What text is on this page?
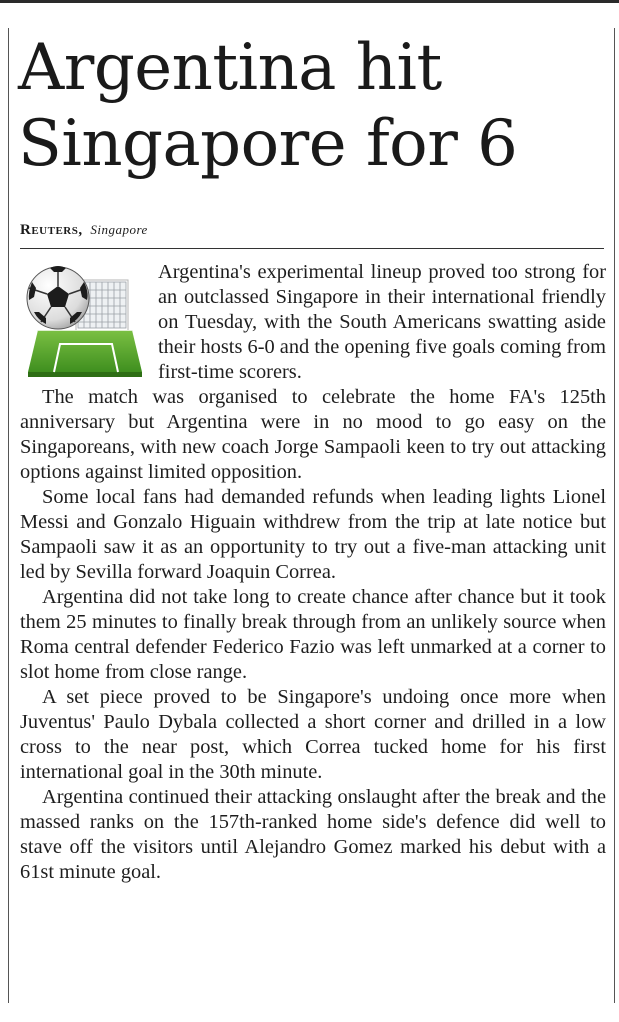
Argentina hit Singapore for 6
Reuters, Singapore

Argentina's experimental lineup proved too strong for an outclassed Singapore in their international friendly on Tuesday, with the South Americans swatting aside their hosts 6-0 and the opening five goals coming from first-time scorers.

The match was organised to celebrate the home FA's 125th anniversary but Argentina were in no mood to go easy on the Singaporeans, with new coach Jorge Sampaoli keen to try out attacking options against limited opposition.

Some local fans had demanded refunds when leading lights Lionel Messi and Gonzalo Higuain withdrew from the trip at late notice but Sampaoli saw it as an opportunity to try out a five-man attacking unit led by Sevilla forward Joaquin Correa.

Argentina did not take long to create chance after chance but it took them 25 minutes to finally break through from an unlikely source when Roma central defender Federico Fazio was left unmarked at a corner to slot home from close range.

A set piece proved to be Singapore's undoing once more when Juventus' Paulo Dybala collected a short corner and drilled in a low cross to the near post, which Correa tucked home for his first international goal in the 30th minute.

Argentina continued their attacking onslaught after the break and the massed ranks on the 157th-ranked home side's defence did well to stave off the visitors until Alejandro Gomez marked his debut with a 61st minute goal.
